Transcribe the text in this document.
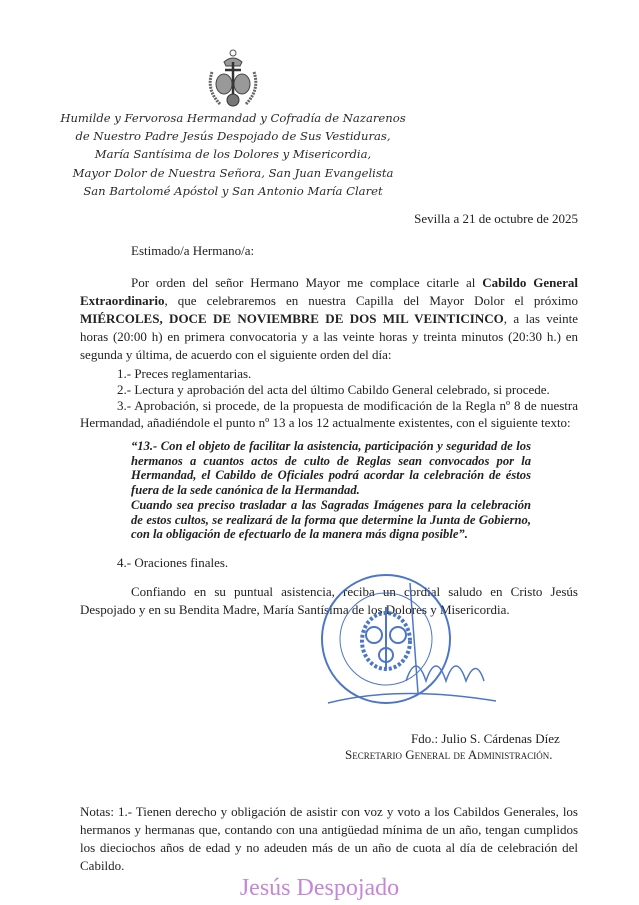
Humilde y Fervorosa Hermandad y Cofradía de Nazarenos
de Nuestro Padre Jesús Despojado de Sus Vestiduras,
María Santísima de los Dolores y Misericordia,
Mayor Dolor de Nuestra Señora, San Juan Evangelista
San Bartolomé Apóstol y San Antonio María Claret
Sevilla a 21 de octubre de 2025
Estimado/a Hermano/a:
Por orden del señor Hermano Mayor me complace citarle al Cabildo General Extraordinario, que celebraremos en nuestra Capilla del Mayor Dolor el próximo MIÉRCOLES, DOCE DE NOVIEMBRE DE DOS MIL VEINTICINCO, a las veinte horas (20:00 h) en primera convocatoria y a las veinte horas y treinta minutos (20:30 h.) en segunda y última, de acuerdo con el siguiente orden del día:
1.- Preces reglamentarias.
2.- Lectura y aprobación del acta del último Cabildo General celebrado, si procede.
3.- Aprobación, si procede, de la propuesta de modificación de la Regla nº 8 de nuestra Hermandad, añadiéndole el punto nº 13 a los 12 actualmente existentes, con el siguiente texto:
“13.- Con el objeto de facilitar la asistencia, participación y seguridad de los hermanos a cuantos actos de culto de Reglas sean convocados por la Hermandad, el Cabildo de Oficiales podrá acordar la celebración de éstos fuera de la sede canónica de la Hermandad.
Cuando sea preciso trasladar a las Sagradas Imágenes para la celebración de estos cultos, se realizará de la forma que determine la Junta de Gobierno, con la obligación de efectuarlo de la manera más digna posible”.
4.- Oraciones finales.
Confiando en su puntual asistencia, reciba un cordial saludo en Cristo Jesús Despojado y en su Bendita Madre, María Santísima de los Dolores y Misericordia.
Fdo.: Julio S. Cárdenas Díez
Secretario General de Administración.
Notas: 1.- Tienen derecho y obligación de asistir con voz y voto a los Cabildos Generales, los hermanos y hermanas que, contando con una antigüedad mínima de un año, tengan cumplidos los dieciochos años de edad y no adeuden más de un año de cuota al día de celebración del Cabildo.
Jesús Despojado
